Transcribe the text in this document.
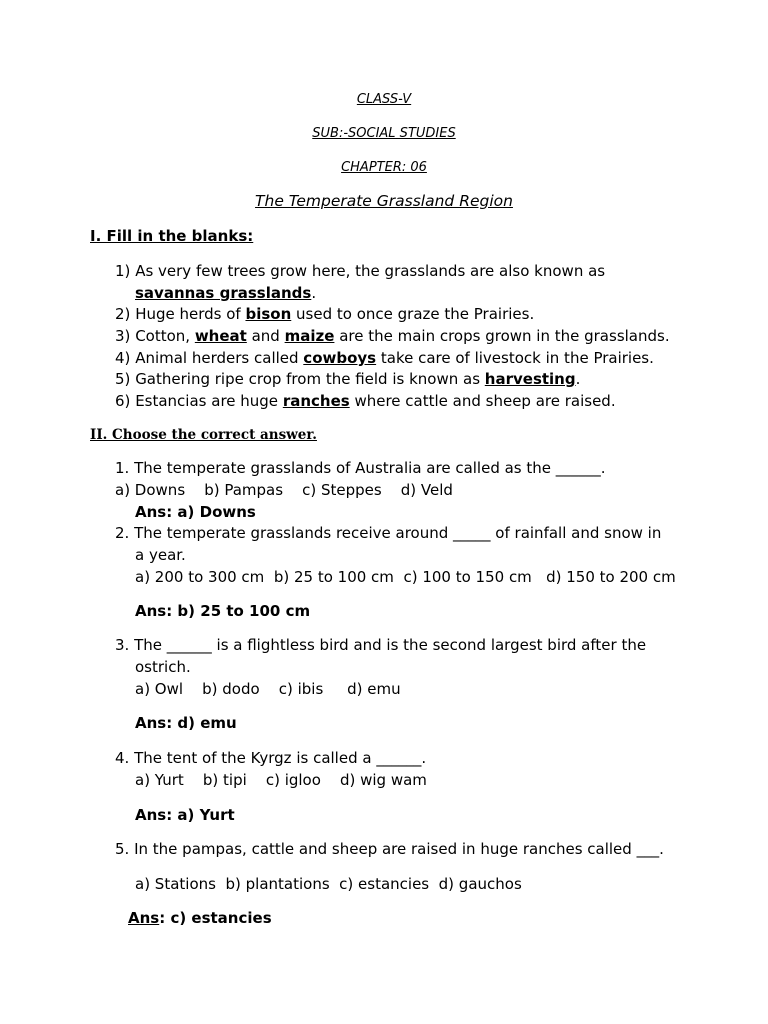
CLASS-V
SUB:-SOCIAL STUDIES
CHAPTER: 06
The Temperate Grassland Region
I. Fill in the blanks:
1) As very few trees grow here, the grasslands are also known as
savannas grasslands.
2) Huge herds of bison used to once graze the Prairies.
3) Cotton, wheat and maize are the main crops grown in the grasslands.
4) Animal herders called cowboys take care of livestock in the Prairies.
5) Gathering ripe crop from the field is known as harvesting.
6) Estancias are huge ranches where cattle and sheep are raised.
II. Choose the correct answer.
1. The temperate grasslands of Australia are called as the ______.
a) Downs    b) Pampas    c) Steppes    d) Veld
Ans: a) Downs
2. The temperate grasslands receive around _____ of rainfall and snow in
a year.
a) 200 to 300 cm  b) 25 to 100 cm  c) 100 to 150 cm   d) 150 to 200 cm
Ans: b) 25 to 100 cm
3. The ______ is a flightless bird and is the second largest bird after the
ostrich.
a) Owl    b) dodo    c) ibis     d) emu
Ans: d) emu
4. The tent of the Kyrgz is called a ______.
a) Yurt    b) tipi    c) igloo    d) wig wam
Ans: a) Yurt
5. In the pampas, cattle and sheep are raised in huge ranches called ___.
a) Stations  b) plantations  c) estancies  d) gauchos
Ans: c) estancies
